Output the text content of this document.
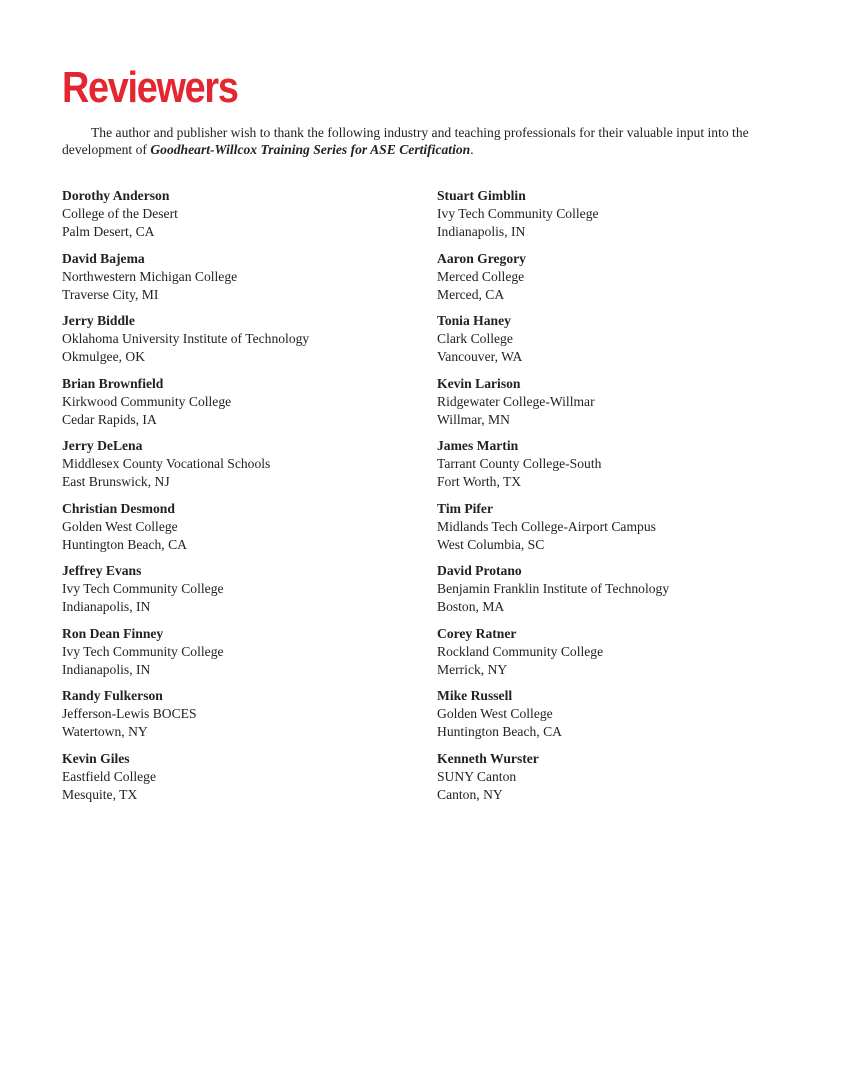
Reviewers

The author and publisher wish to thank the following industry and teaching professionals for their valuable input into the development of Goodheart-Willcox Training Series for ASE Certification.

Dorothy Anderson
College of the Desert
Palm Desert, CA
David Bajema
Northwestern Michigan College
Traverse City, MI
Jerry Biddle
Oklahoma University Institute of Technology
Okmulgee, OK
Brian Brownfield
Kirkwood Community College
Cedar Rapids, IA
Jerry DeLena
Middlesex County Vocational Schools
East Brunswick, NJ
Christian Desmond
Golden West College
Huntington Beach, CA
Jeffrey Evans
Ivy Tech Community College
Indianapolis, IN
Ron Dean Finney
Ivy Tech Community College
Indianapolis, IN
Randy Fulkerson
Jefferson-Lewis BOCES
Watertown, NY
Kevin Giles
Eastfield College
Mesquite, TX
Stuart Gimblin
Ivy Tech Community College
Indianapolis, IN
Aaron Gregory
Merced College
Merced, CA
Tonia Haney
Clark College
Vancouver, WA
Kevin Larison
Ridgewater College-Willmar
Willmar, MN
James Martin
Tarrant County College-South
Fort Worth, TX
Tim Pifer
Midlands Tech College-Airport Campus
West Columbia, SC
David Protano
Benjamin Franklin Institute of Technology
Boston, MA
Corey Ratner
Rockland Community College
Merrick, NY
Mike Russell
Golden West College
Huntington Beach, CA
Kenneth Wurster
SUNY Canton
Canton, NY
